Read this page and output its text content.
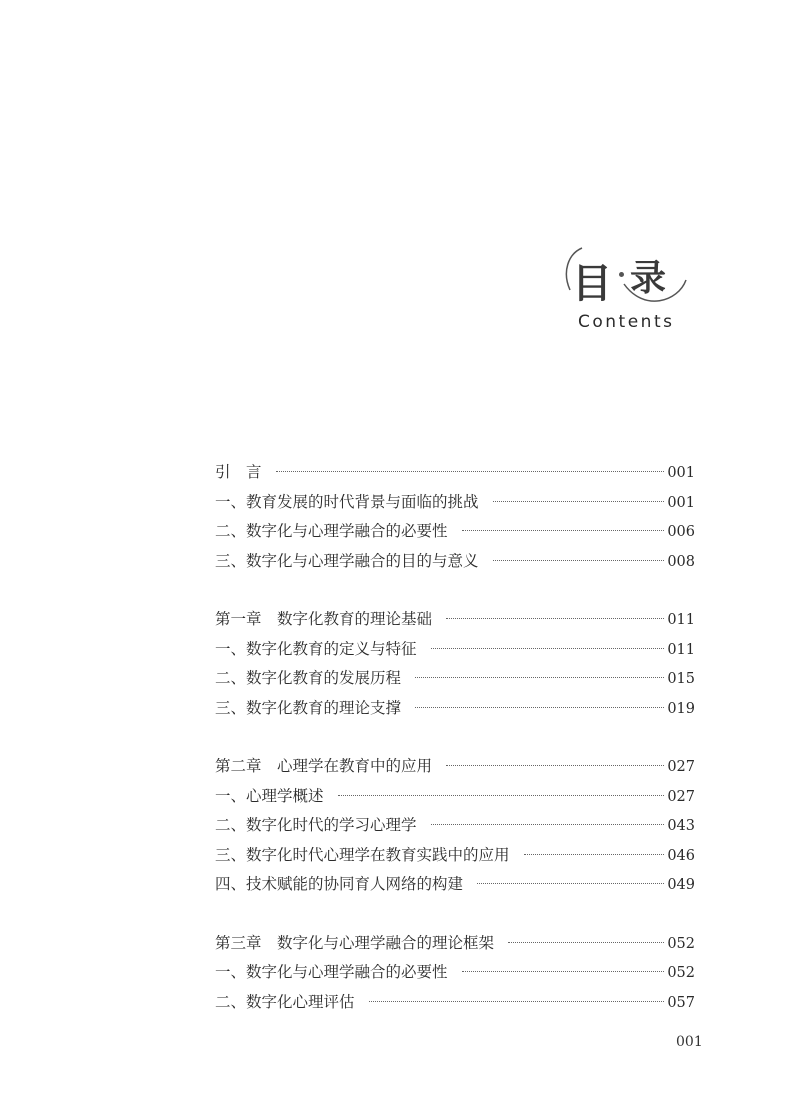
目 录
Contents
引　言	001
一、教育发展的时代背景与面临的挑战	001
二、数字化与心理学融合的必要性	006
三、数字化与心理学融合的目的与意义	008
第一章　数字化教育的理论基础	011
一、数字化教育的定义与特征	011
二、数字化教育的发展历程	015
三、数字化教育的理论支撑	019
第二章　心理学在教育中的应用	027
一、心理学概述	027
二、数字化时代的学习心理学	043
三、数字化时代心理学在教育实践中的应用	046
四、技术赋能的协同育人网络的构建	049
第三章　数字化与心理学融合的理论框架	052
一、数字化与心理学融合的必要性	052
二、数字化心理评估	057
001
